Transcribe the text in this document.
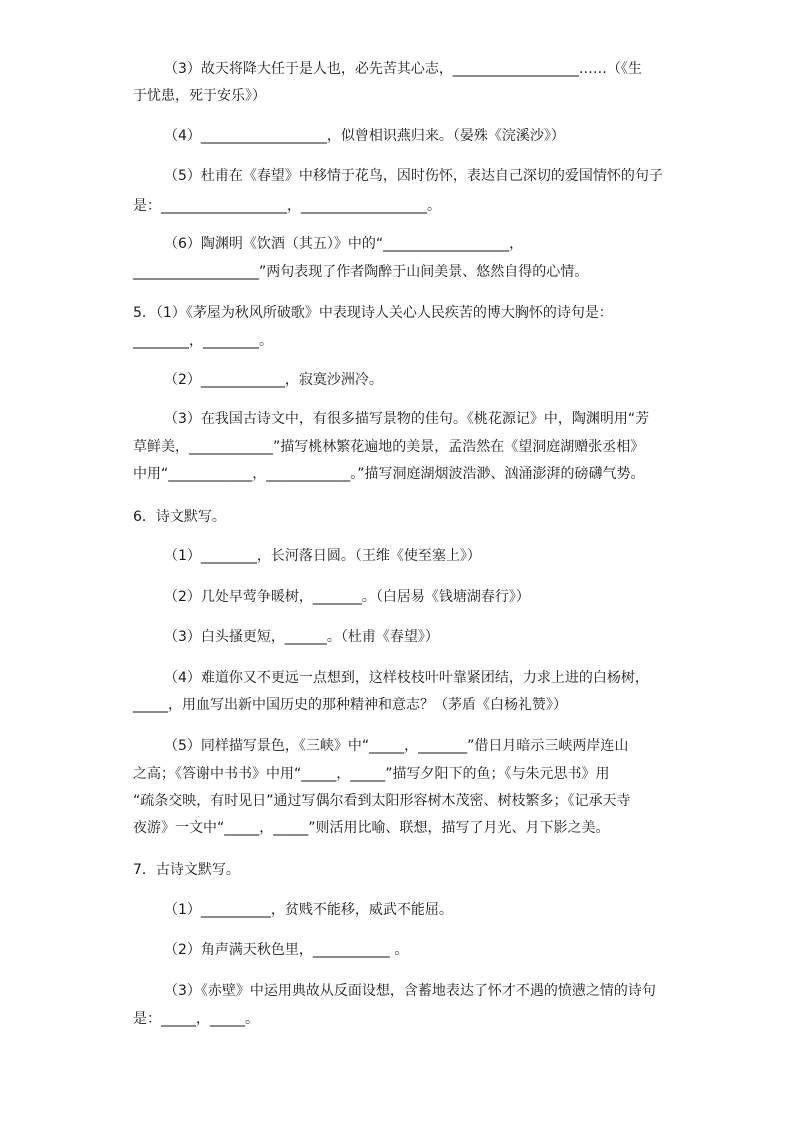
（3）故天将降大任于是人也，必先苦其心志，__________________……（《生
于忧患，死于安乐》）
（4）__________________，似曾相识燕归来。（晏殊《浣溪沙》）
（5）杜甫在《春望》中移情于花鸟，因时伤怀，表达自己深切的爱国情怀的句子
是：__________________，__________________。
（6）陶渊明《饮酒（其五）》中的“__________________，
__________________”两句表现了作者陶醉于山间美景、悠然自得的心情。
5．（1）《茅屋为秋风所破歌》中表现诗人关心人民疾苦的博大胸怀的诗句是：
________，________。
（2）____________，寂寞沙洲冷。
（3）在我国古诗文中，有很多描写景物的佳句。《桃花源记》中，陶渊明用“芳
草鲜美，____________”描写桃林繁花遍地的美景，孟浩然在《望洞庭湖赠张丞相》
中用“____________，____________。”描写洞庭湖烟波浩渺、汹涌澎湃的磅礴气势。
6．诗文默写。
（1）________，长河落日圆。（王维《使至塞上》）
（2）几处早莺争暖树，_______。（白居易《钱塘湖春行》）
（3）白头搔更短，______。（杜甫《春望》）
（4）难道你又不更远一点想到，这样枝枝叶叶靠紧团结，力求上进的白杨树，
_____，用血写出新中国历史的那种精神和意志？（茅盾《白杨礼赞》）
（5）同样描写景色，《三峡》中“_____，_______”借日月暗示三峡两岸连山
之高；《答谢中书书》中用“_____，_____”描写夕阳下的鱼；《与朱元思书》用
“疏条交映，有时见日”通过写偶尔看到太阳形容树木茂密、树枝繁多；《记承天寺
夜游》一文中“_____，_____”则活用比喻、联想，描写了月光、月下影之美。
7．古诗文默写。
（1）__________，贫贱不能移，威武不能屈。
（2）角声满天秋色里，___________ 。
（3）《赤壁》中运用典故从反面设想，含蓄地表达了怀才不遇的愤懑之情的诗句
是：_____，_____。
